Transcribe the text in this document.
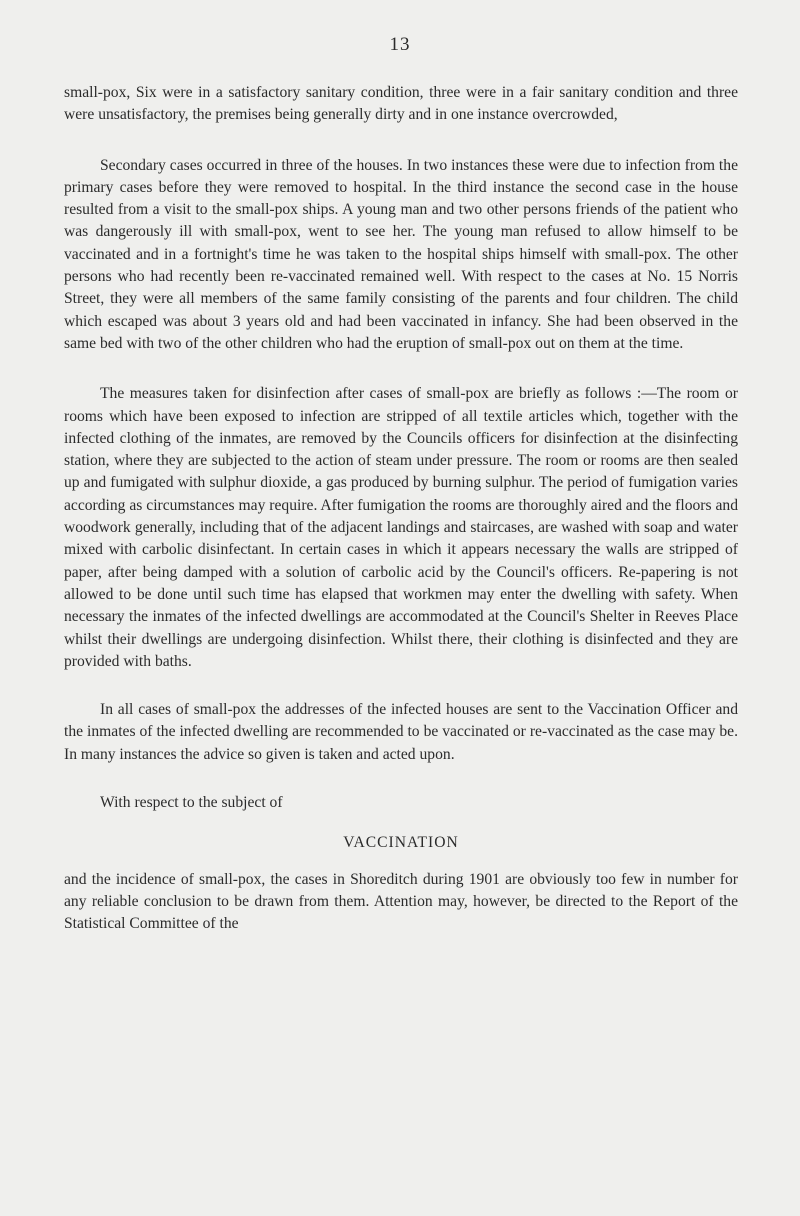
13

small-pox, Six were in a satisfactory sanitary condition, three were in a fair sanitary condition and three were unsatisfactory, the premises being generally dirty and in one instance overcrowded,

Secondary cases occurred in three of the houses. In two instances these were due to infection from the primary cases before they were removed to hospital. In the third instance the second case in the house resulted from a visit to the small-pox ships. A young man and two other persons friends of the patient who was dangerously ill with small-pox, went to see her. The young man refused to allow himself to be vaccinated and in a fortnight's time he was taken to the hospital ships himself with small-pox. The other persons who had recently been re-vaccinated remained well. With respect to the cases at No. 15 Norris Street, they were all members of the same family consisting of the parents and four children. The child which escaped was about 3 years old and had been vaccinated in infancy. She had been observed in the same bed with two of the other children who had the eruption of small-pox out on them at the time.

The measures taken for disinfection after cases of small-pox are briefly as follows :—The room or rooms which have been exposed to infection are stripped of all textile articles which, together with the infected clothing of the inmates, are removed by the Councils officers for disinfection at the disinfecting station, where they are subjected to the action of steam under pressure. The room or rooms are then sealed up and fumigated with sulphur dioxide, a gas produced by burning sulphur. The period of fumigation varies according as circumstances may require. After fumigation the rooms are thoroughly aired and the floors and woodwork generally, including that of the adjacent landings and staircases, are washed with soap and water mixed with carbolic disinfectant. In certain cases in which it appears necessary the walls are stripped of paper, after being damped with a solution of carbolic acid by the Council's officers. Re-papering is not allowed to be done until such time has elapsed that workmen may enter the dwelling with safety. When necessary the inmates of the infected dwellings are accommodated at the Council's Shelter in Reeves Place whilst their dwellings are undergoing disinfection. Whilst there, their clothing is disinfected and they are provided with baths.

In all cases of small-pox the addresses of the infected houses are sent to the Vaccination Officer and the inmates of the infected dwelling are recommended to be vaccinated or re-vaccinated as the case may be. In many instances the advice so given is taken and acted upon.

With respect to the subject of

VACCINATION

and the incidence of small-pox, the cases in Shoreditch during 1901 are obviously too few in number for any reliable conclusion to be drawn from them. Attention may, however, be directed to the Report of the Statistical Committee of the
